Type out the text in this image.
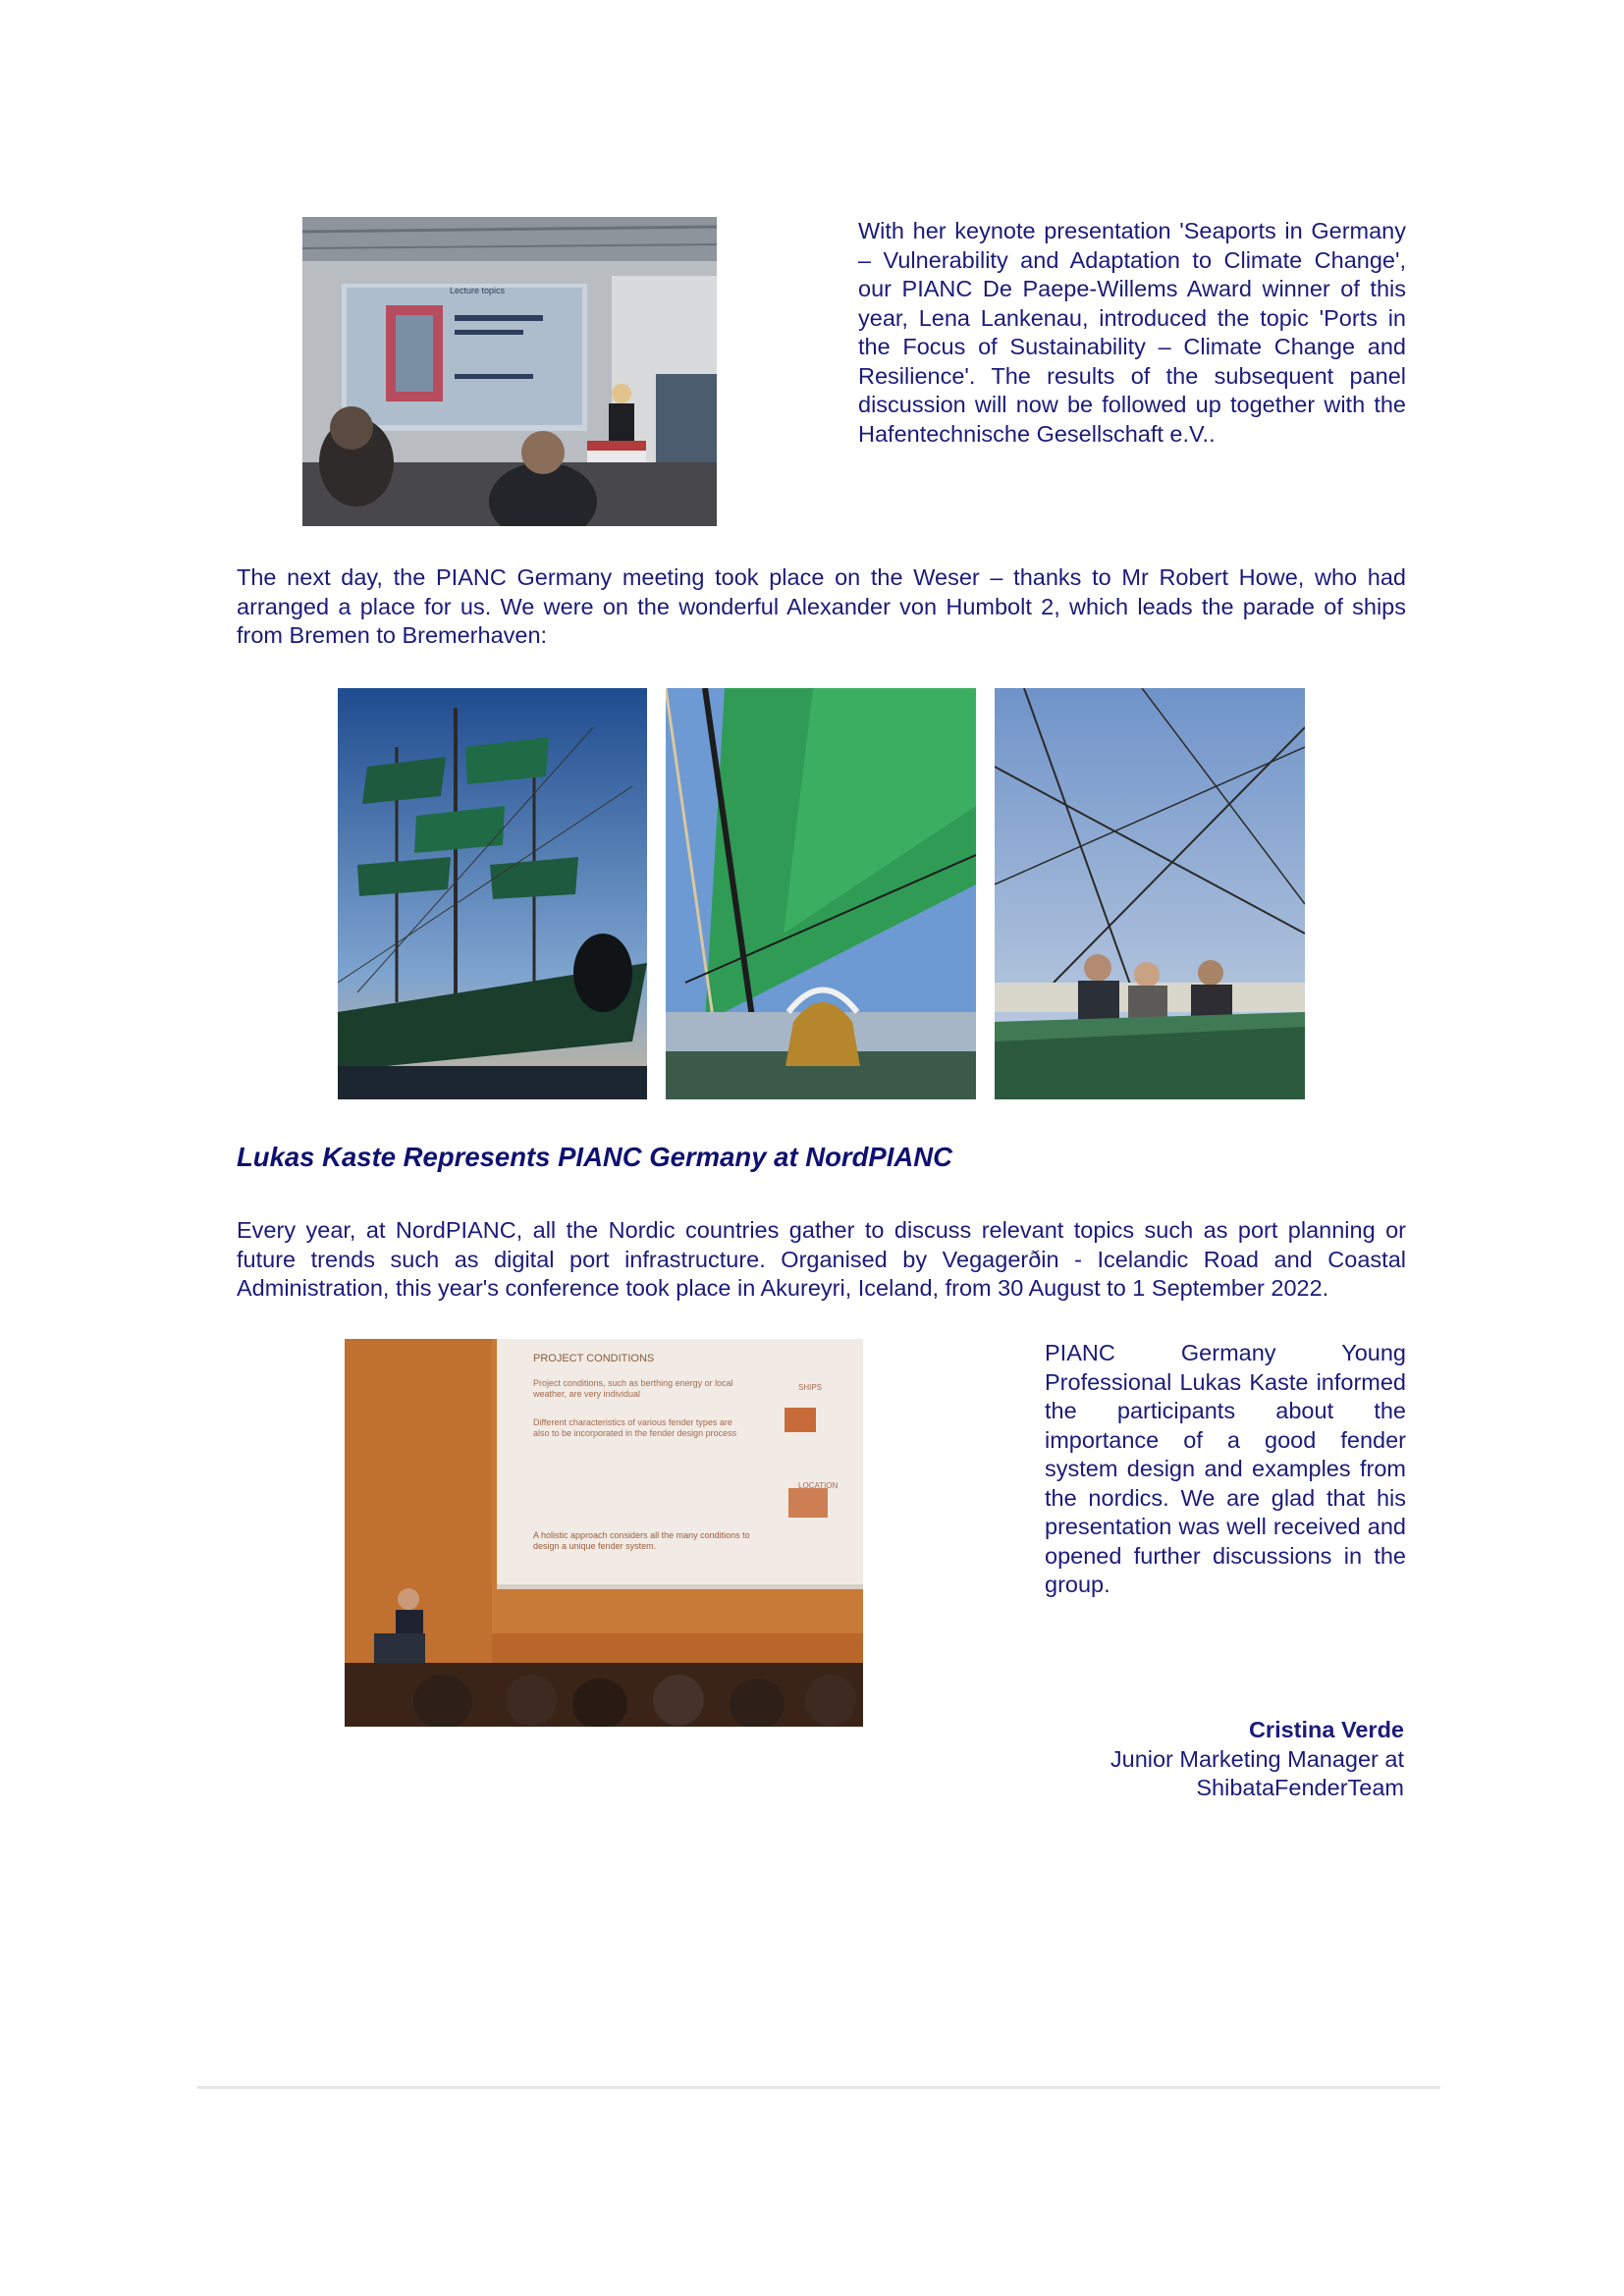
Lecture topics

With her keynote presentation 'Seaports in Germany – Vulnerability and Adaptation to Climate Change', our PIANC De Paepe-Willems Award winner of this year, Lena Lankenau, introduced the topic 'Ports in the Focus of Sustainability – Climate Change and Resilience'. The results of the subsequent panel discussion will now be followed up together with the Hafentechnische Gesellschaft e.V..

The next day, the PIANC Germany meeting took place on the Weser – thanks to Mr Robert Howe, who had arranged a place for us. We were on the wonderful Alexander von Humbolt 2, which leads the parade of ships from Bremen to Bremerhaven:

Lukas Kaste Represents PIANC Germany at NordPIANC

Every year, at NordPIANC, all the Nordic countries gather to discuss relevant topics such as port planning or future trends such as digital port infrastructure. Organised by Vegagerðin - Icelandic Road and Coastal Administration, this year's conference took place in Akureyri, Iceland, from 30 August to 1 September 2022.

PROJECT CONDITIONS
Project conditions, such as berthing energy or local weather, are very individual
Different characteristics of various fender types are also to be incorporated in the fender design process
A holistic approach considers all the many conditions to design a unique fender system.
SHIPS
LOCATION

PIANC Germany Young Professional Lukas Kaste informed the participants about the importance of a good fender system design and examples from the nordics. We are glad that his presentation was well received and opened further discussions in the group.

Cristina Verde
Junior Marketing Manager at
ShibataFenderTeam
